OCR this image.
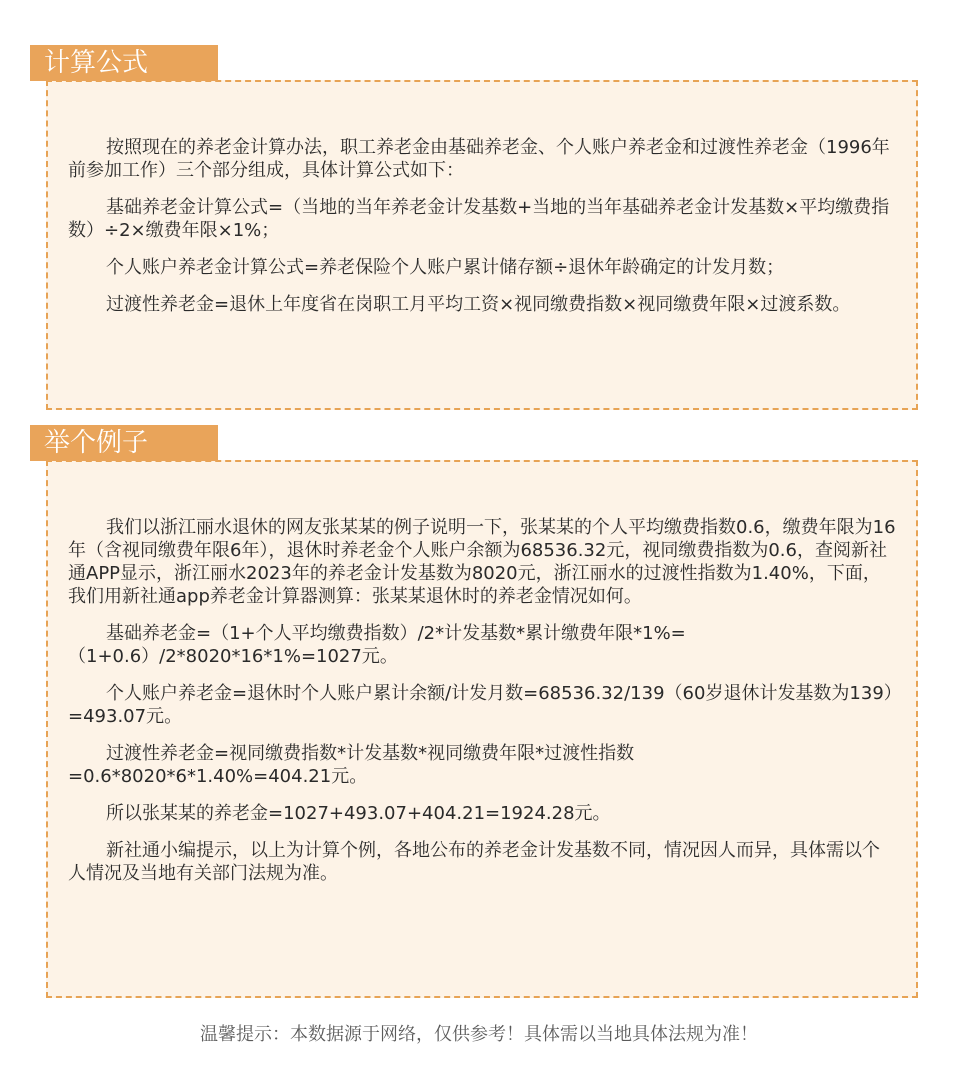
计算公式

按照现在的养老金计算办法，职工养老金由基础养老金、个人账户养老金和过渡性养老金（1996年前参加工作）三个部分组成，具体计算公式如下：

基础养老金计算公式=（当地的当年养老金计发基数+当地的当年基础养老金计发基数×平均缴费指数）÷2×缴费年限×1%；

个人账户养老金计算公式=养老保险个人账户累计储存额÷退休年龄确定的计发月数；

过渡性养老金=退休上年度省在岗职工月平均工资×视同缴费指数×视同缴费年限×过渡系数。

举个例子

我们以浙江丽水退休的网友张某某的例子说明一下，张某某的个人平均缴费指数0.6，缴费年限为16年（含视同缴费年限6年），退休时养老金个人账户余额为68536.32元，视同缴费指数为0.6，查阅新社通APP显示，浙江丽水2023年的养老金计发基数为8020元，浙江丽水的过渡性指数为1.40%，下面，我们用新社通app养老金计算器测算：张某某退休时的养老金情况如何。

基础养老金=（1+个人平均缴费指数）/2*计发基数*累计缴费年限*1%=（1+0.6）/2*8020*16*1%=1027元。

个人账户养老金=退休时个人账户累计余额/计发月数=68536.32/139（60岁退休计发基数为139）=493.07元。

过渡性养老金=视同缴费指数*计发基数*视同缴费年限*过渡性指数=0.6*8020*6*1.40%=404.21元。

所以张某某的养老金=1027+493.07+404.21=1924.28元。

新社通小编提示，以上为计算个例，各地公布的养老金计发基数不同，情况因人而异，具体需以个人情况及当地有关部门法规为准。

温馨提示：本数据源于网络，仅供参考！具体需以当地具体法规为准！
